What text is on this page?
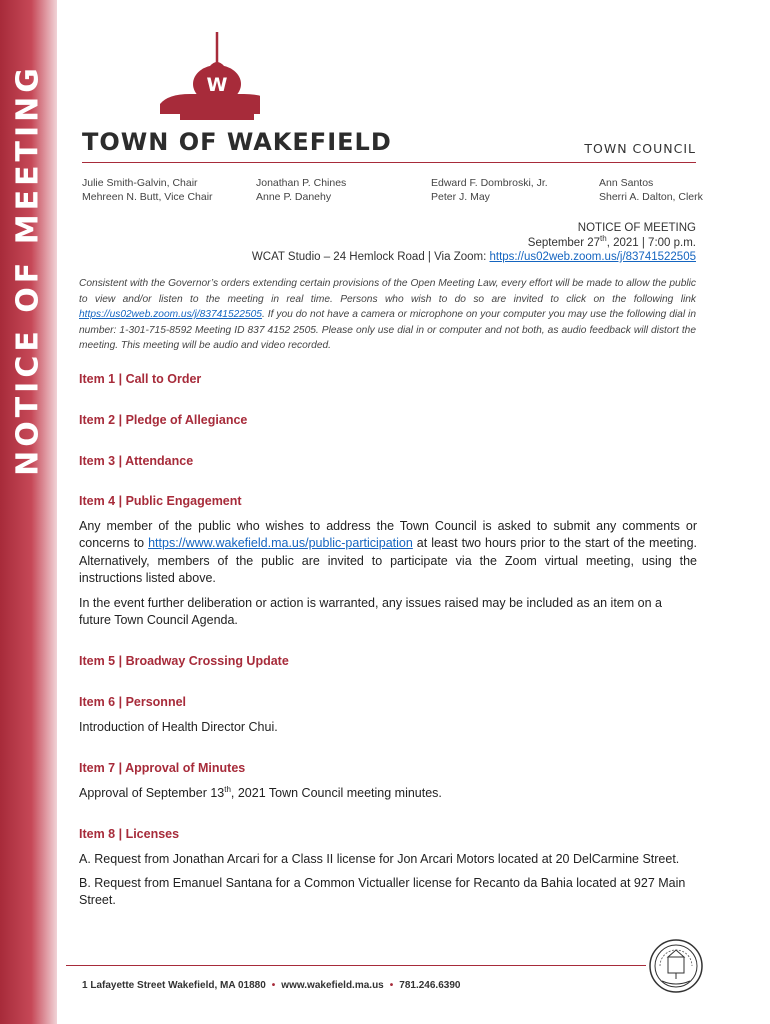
NOTICE OF MEETING	W
TOWN OF WAKEFIELD	TOWN COUNCIL
Julie Smith-Galvin, Chair
Mehreen N. Butt, Vice Chair
Jonathan P. Chines
Anne P. Danehy
Edward F. Dombroski, Jr.
Peter J. May
Ann Santos
Sherri A. Dalton, Clerk
NOTICE OF MEETING
September 27th, 2021 | 7:00 p.m.
WCAT Studio – 24 Hemlock Road | Via Zoom: https://us02web.zoom.us/j/83741522505
Consistent with the Governor’s orders extending certain provisions of the Open Meeting Law, every effort will be made to allow the public to view and/or listen to the meeting in real time. Persons who wish to do so are invited to click on the following link https://us02web.zoom.us/j/83741522505. If you do not have a camera or microphone on your computer you may use the following dial in number: 1-301-715-8592 Meeting ID 837 4152 2505. Please only use dial in or computer and not both, as audio feedback will distort the meeting. This meeting will be audio and video recorded.
Item 1 | Call to Order
Item 2 | Pledge of Allegiance
Item 3 | Attendance
Item 4 | Public Engagement
Any member of the public who wishes to address the Town Council is asked to submit any comments or concerns to https://www.wakefield.ma.us/public-participation at least two hours prior to the start of the meeting. Alternatively, members of the public are invited to participate via the Zoom virtual meeting, using the instructions listed above.
In the event further deliberation or action is warranted, any issues raised may be included as an item on a future Town Council Agenda.
Item 5 | Broadway Crossing Update
Item 6 | Personnel
Introduction of Health Director Chui.
Item 7 | Approval of Minutes
Approval of September 13th, 2021 Town Council meeting minutes.
Item 8 | Licenses
A. Request from Jonathan Arcari for a Class II license for Jon Arcari Motors located at 20 DelCarmine Street.
B. Request from Emanuel Santana for a Common Victualler license for Recanto da Bahia located at 927 Main Street.
1 Lafayette Street Wakefield, MA 01880 • www.wakefield.ma.us • 781.246.6390
